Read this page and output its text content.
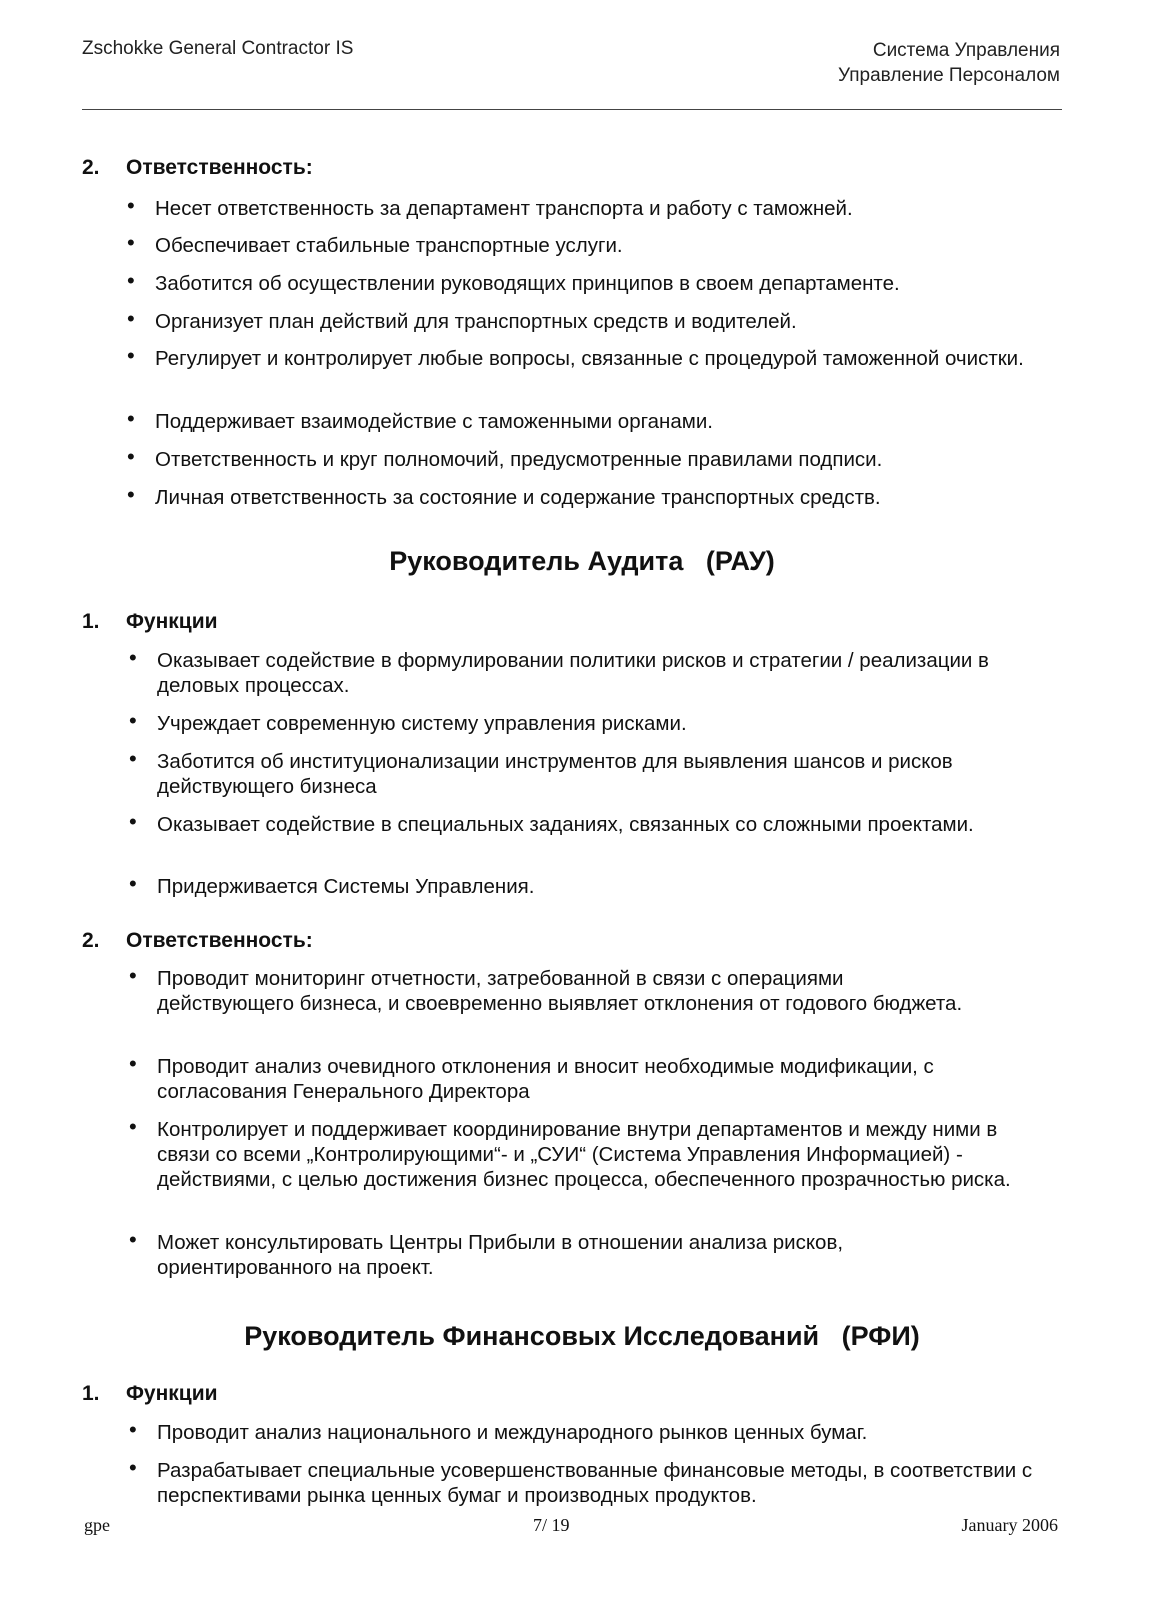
Zschokke General Contractor IS	Система Управления
Управление Персоналом
2. Ответственность:
• Несет ответственность за департамент транспорта и работу с таможней.
• Обеспечивает стабильные транспортные услуги.
• Заботится об осуществлении руководящих принципов в своем департаменте.
• Организует план действий для транспортных средств и водителей.
• Регулирует и контролирует любые вопросы, связанные с процедурой таможенной очистки.
• Поддерживает взаимодействие с таможенными органами.
• Ответственность и круг полномочий, предусмотренные правилами подписи.
• Личная ответственность за состояние и содержание транспортных средств.
Руководитель Аудита   (РАУ)
1. Функции
• Оказывает содействие в формулировании политики рисков и стратегии / реализации в деловых процессах.
• Учреждает современную систему управления рисками.
• Заботится об институционализации инструментов для выявления шансов и рисков действующего бизнеса
• Оказывает содействие в специальных заданиях, связанных со сложными проектами.
• Придерживается Системы Управления.
2. Ответственность:
• Проводит мониторинг отчетности, затребованной в связи с операциями действующего бизнеса, и своевременно выявляет отклонения от годового бюджета.
• Проводит анализ очевидного отклонения и вносит необходимые модификации, с согласования Генерального Директора
• Контролирует и поддерживает координирование внутри департаментов и между ними в связи со всеми „Контролирующими“- и „СУИ“ (Система Управления Информацией) - действиями, с целью достижения бизнес процесса, обеспеченного прозрачностью риска.
• Может консультировать Центры Прибыли в отношении анализа рисков, ориентированного на проект.
Руководитель Финансовых Исследований   (РФИ)
1. Функции
• Проводит анализ национального и международного рынков ценных бумаг.
• Разрабатывает специальные усовершенствованные финансовые методы, в соответствии с перспективами рынка ценных бумаг и производных продуктов.
gpe	7/ 19	January 2006
